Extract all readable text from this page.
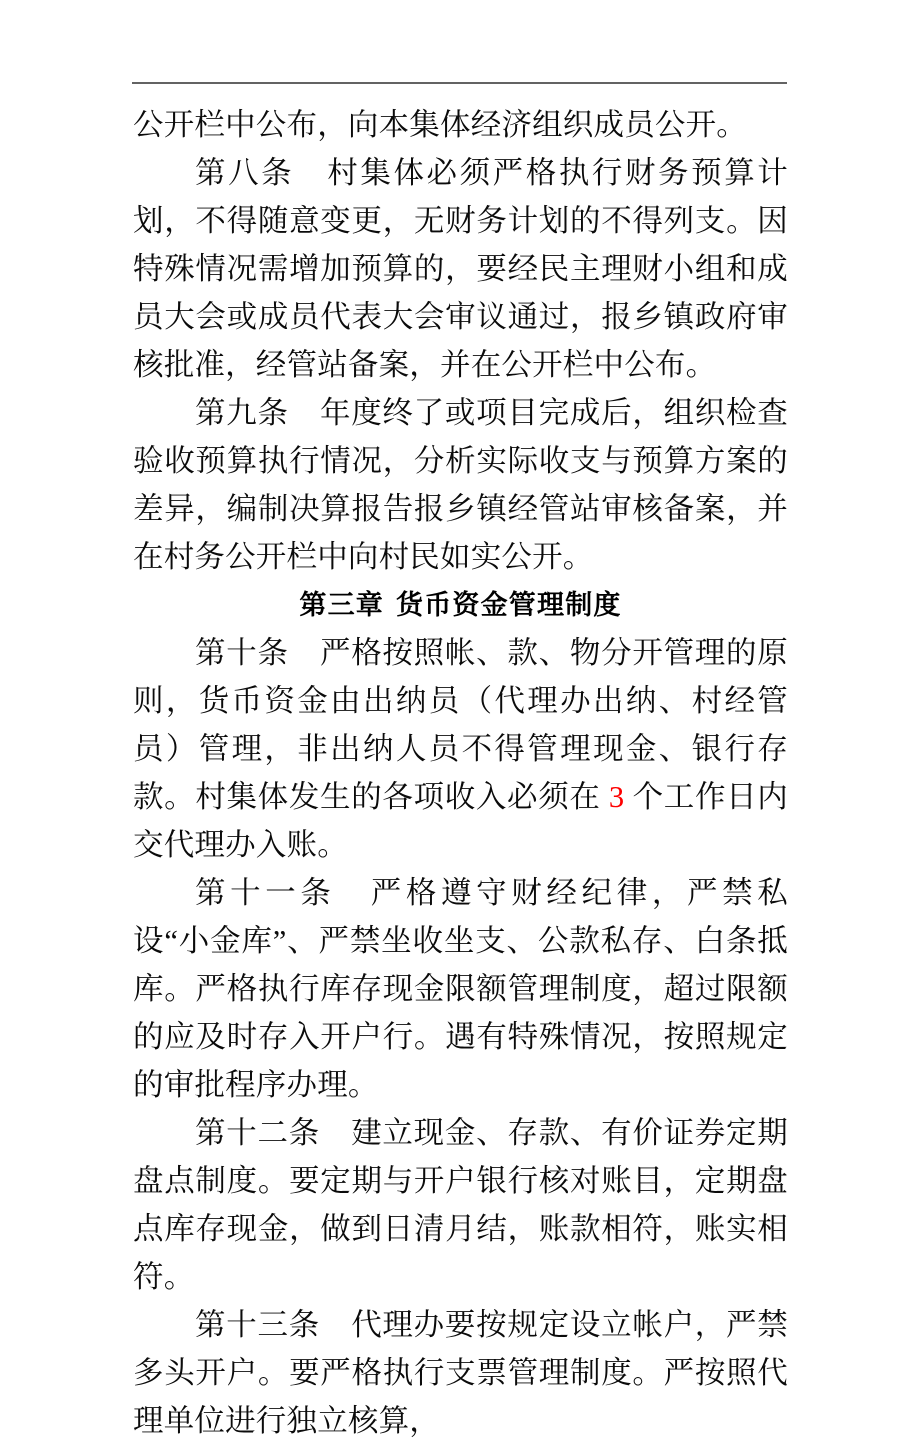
公开栏中公布，向本集体经济组织成员公开。

第八条　村集体必须严格执行财务预算计划，不得随意变更，无财务计划的不得列支。因特殊情况需增加预算的，要经民主理财小组和成员大会或成员代表大会审议通过，报乡镇政府审核批准，经管站备案，并在公开栏中公布。

第九条　年度终了或项目完成后，组织检查验收预算执行情况，分析实际收支与预算方案的差异，编制决算报告报乡镇经管站审核备案，并在村务公开栏中向村民如实公开。

第三章 货币资金管理制度

第十条　严格按照帐、款、物分开管理的原则，货币资金由出纳员（代理办出纳、村经管员）管理，非出纳人员不得管理现金、银行存款。村集体发生的各项收入必须在 3 个工作日内交代理办入账。

第十一条　严格遵守财经纪律，严禁私设“小金库”、严禁坐收坐支、公款私存、白条抵库。严格执行库存现金限额管理制度，超过限额的应及时存入开户行。遇有特殊情况，按照规定的审批程序办理。

第十二条　建立现金、存款、有价证券定期盘点制度。要定期与开户银行核对账目，定期盘点库存现金，做到日清月结，账款相符，账实相符。

第十三条　代理办要按规定设立帐户，严禁多头开户。要严格执行支票管理制度。严按照代理单位进行独立核算，
